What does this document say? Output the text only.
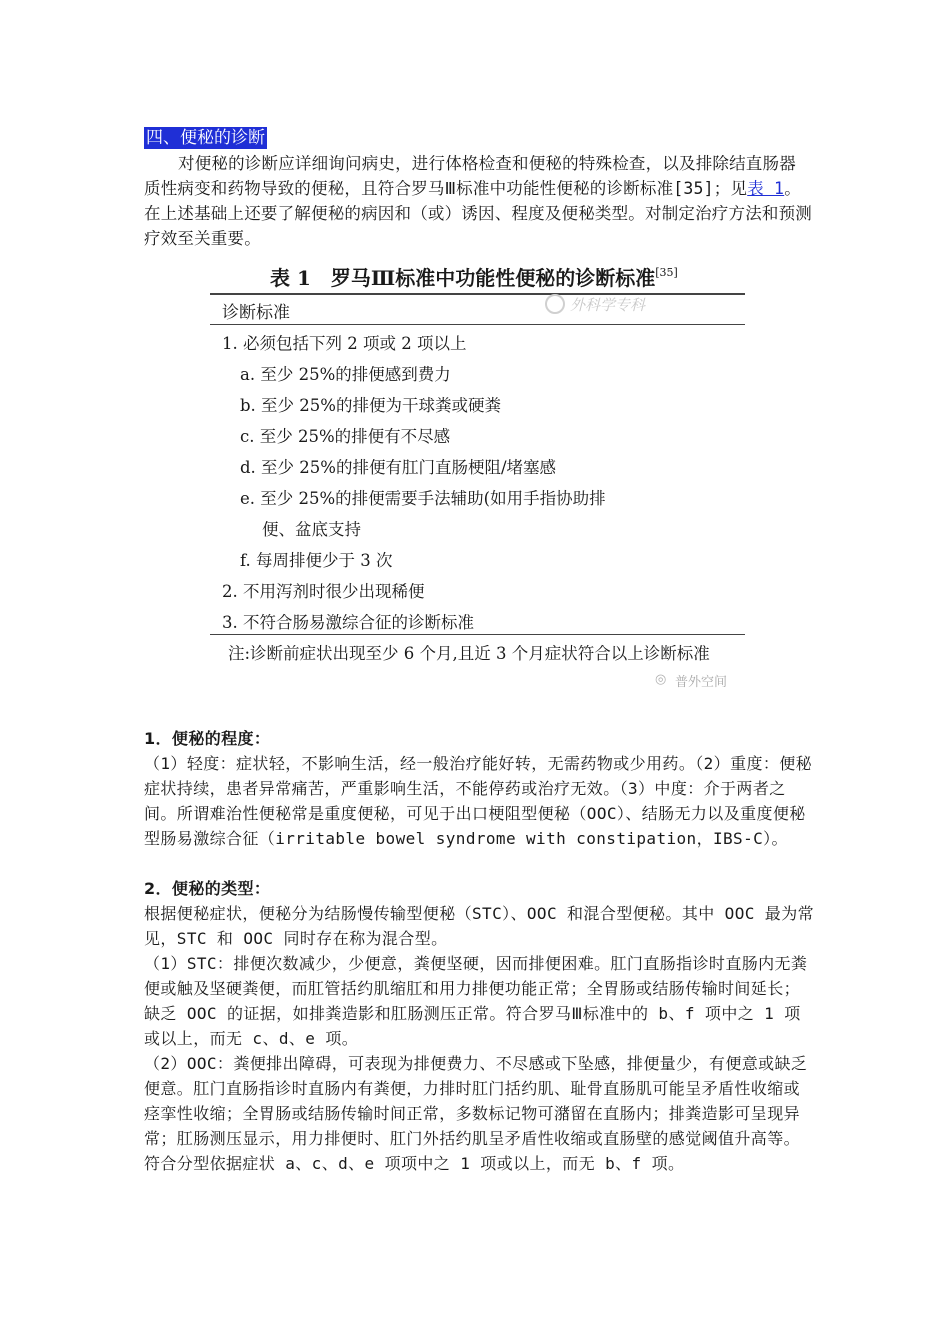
四、便秘的诊断
对便秘的诊断应详细询问病史，进行体格检查和便秘的特殊检查，以及排除结直肠器质性病变和药物导致的便秘，且符合罗马Ⅲ标准中功能性便秘的诊断标准[35]；见表 1。在上述基础上还要了解便秘的病因和（或）诱因、程度及便秘类型。对制定治疗方法和预测疗效至关重要。
表 1　罗马Ⅲ标准中功能性便秘的诊断标准[35]
外科学专科
诊断标准
1. 必须包括下列 2 项或 2 项以上
a. 至少 25%的排便感到费力
b. 至少 25%的排便为干球粪或硬粪
c. 至少 25%的排便有不尽感
d. 至少 25%的排便有肛门直肠梗阻/堵塞感
e. 至少 25%的排便需要手法辅助(如用手指协助排
便、盆底支持
f. 每周排便少于 3 次
2. 不用泻剂时很少出现稀便
3. 不符合肠易激综合征的诊断标准
注:诊断前症状出现至少 6 个月,且近 3 个月症状符合以上诊断标准
◎ 普外空间
1．便秘的程度：
（1）轻度：症状轻，不影响生活，经一般治疗能好转，无需药物或少用药。（2）重度：便秘症状持续，患者异常痛苦，严重影响生活，不能停药或治疗无效。（3）中度：介于两者之间。所谓难治性便秘常是重度便秘，可见于出口梗阻型便秘（OOC）、结肠无力以及重度便秘型肠易激综合征（irritable bowel syndrome with constipation，IBS-C）。
2．便秘的类型：
根据便秘症状，便秘分为结肠慢传输型便秘（STC）、OOC 和混合型便秘。其中 OOC 最为常见，STC 和 OOC 同时存在称为混合型。
（1）STC：排便次数减少，少便意，粪便坚硬，因而排便困难。肛门直肠指诊时直肠内无粪便或触及坚硬粪便，而肛管括约肌缩肛和用力排便功能正常；全胃肠或结肠传输时间延长；缺乏 OOC 的证据，如排粪造影和肛肠测压正常。符合罗马Ⅲ标准中的 b、f 项中之 1 项或以上，而无 c、d、e 项。
（2）OOC：粪便排出障碍，可表现为排便费力、不尽感或下坠感，排便量少，有便意或缺乏便意。肛门直肠指诊时直肠内有粪便，力排时肛门括约肌、耻骨直肠肌可能呈矛盾性收缩或痉挛性收缩；全胃肠或结肠传输时间正常，多数标记物可潴留在直肠内；排粪造影可呈现异常；肛肠测压显示，用力排便时、肛门外括约肌呈矛盾性收缩或直肠壁的感觉阈值升高等。符合分型依据症状 a、c、d、e 项项中之 1 项或以上，而无 b、f 项。
